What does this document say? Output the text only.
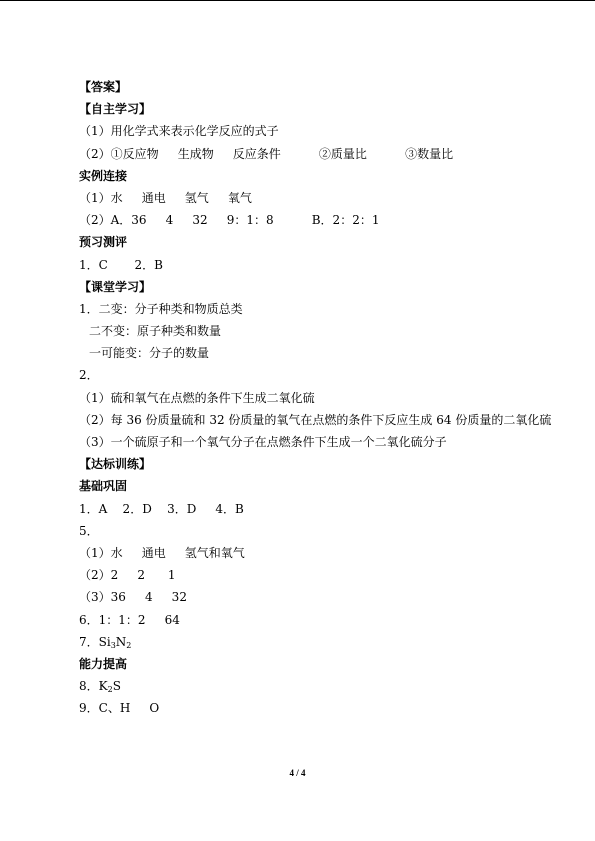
【答案】
【自主学习】
（1）用化学式来表示化学反应的式子
（2）①反应物     生成物     反应条件          ②质量比          ③数量比
实例连接
（1）水     通电     氢气     氧气
（2）A．36     4     32     9：1：8          B．2：2：1
预习测评
1．C       2．B
【课堂学习】
1．二变：分子种类和物质总类
二不变：原子种类和数量
一可能变：分子的数量
2．
（1）硫和氧气在点燃的条件下生成二氧化硫
（2）每 36 份质量硫和 32 份质量的氧气在点燃的条件下反应生成 64 份质量的二氧化硫
（3）一个硫原子和一个氧气分子在点燃条件下生成一个二氧化硫分子
【达标训练】
基础巩固
1．A    2．D    3．D     4．B
5．
（1）水     通电     氢气和氧气
（2）2     2      1
（3）36     4     32
6．1：1：2     64
7．$Si_3N_2$
能力提高
8．$K_2S$
9．C、H     O
4 / 4
